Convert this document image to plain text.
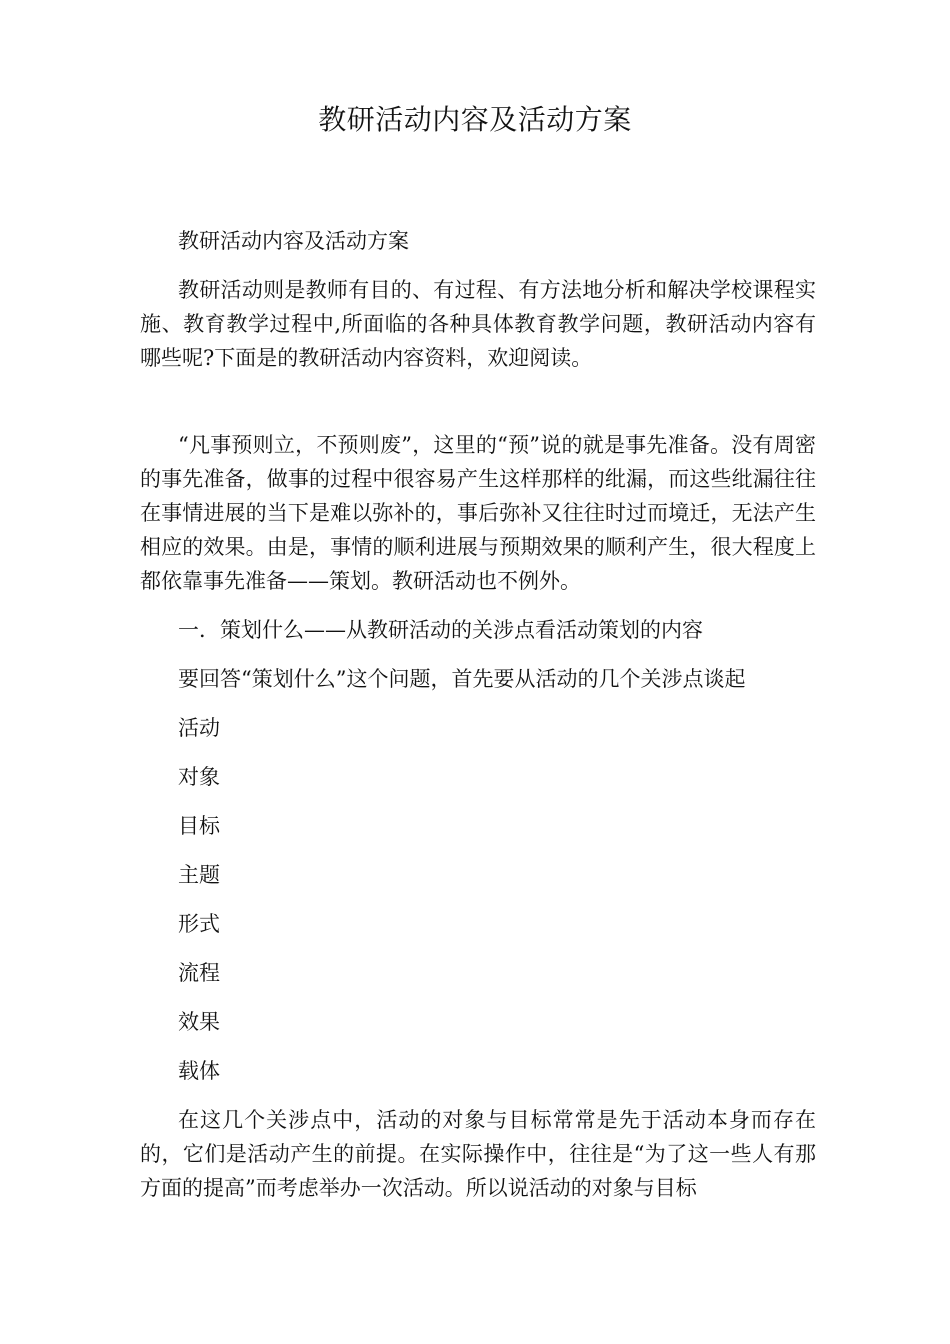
教研活动内容及活动方案

教研活动内容及活动方案

教研活动则是教师有目的、有过程、有方法地分析和解决学校课程实施、教育教学过程中,所面临的各种具体教育教学问题，教研活动内容有哪些呢?下面是的教研活动内容资料，欢迎阅读。

“凡事预则立，不预则废”，这里的“预”说的就是事先准备。没有周密的事先准备，做事的过程中很容易产生这样那样的纰漏，而这些纰漏往往在事情进展的当下是难以弥补的，事后弥补又往往时过而境迁，无法产生相应的效果。由是，事情的顺利进展与预期效果的顺利产生，很大程度上都依靠事先准备——策划。教研活动也不例外。

一．策划什么——从教研活动的关涉点看活动策划的内容

要回答“策划什么”这个问题，首先要从活动的几个关涉点谈起

活动

对象

目标

主题

形式

流程

效果

载体

在这几个关涉点中，活动的对象与目标常常是先于活动本身而存在的，它们是活动产生的前提。在实际操作中，往往是“为了这一些人有那方面的提高”而考虑举办一次活动。所以说活动的对象与目标
